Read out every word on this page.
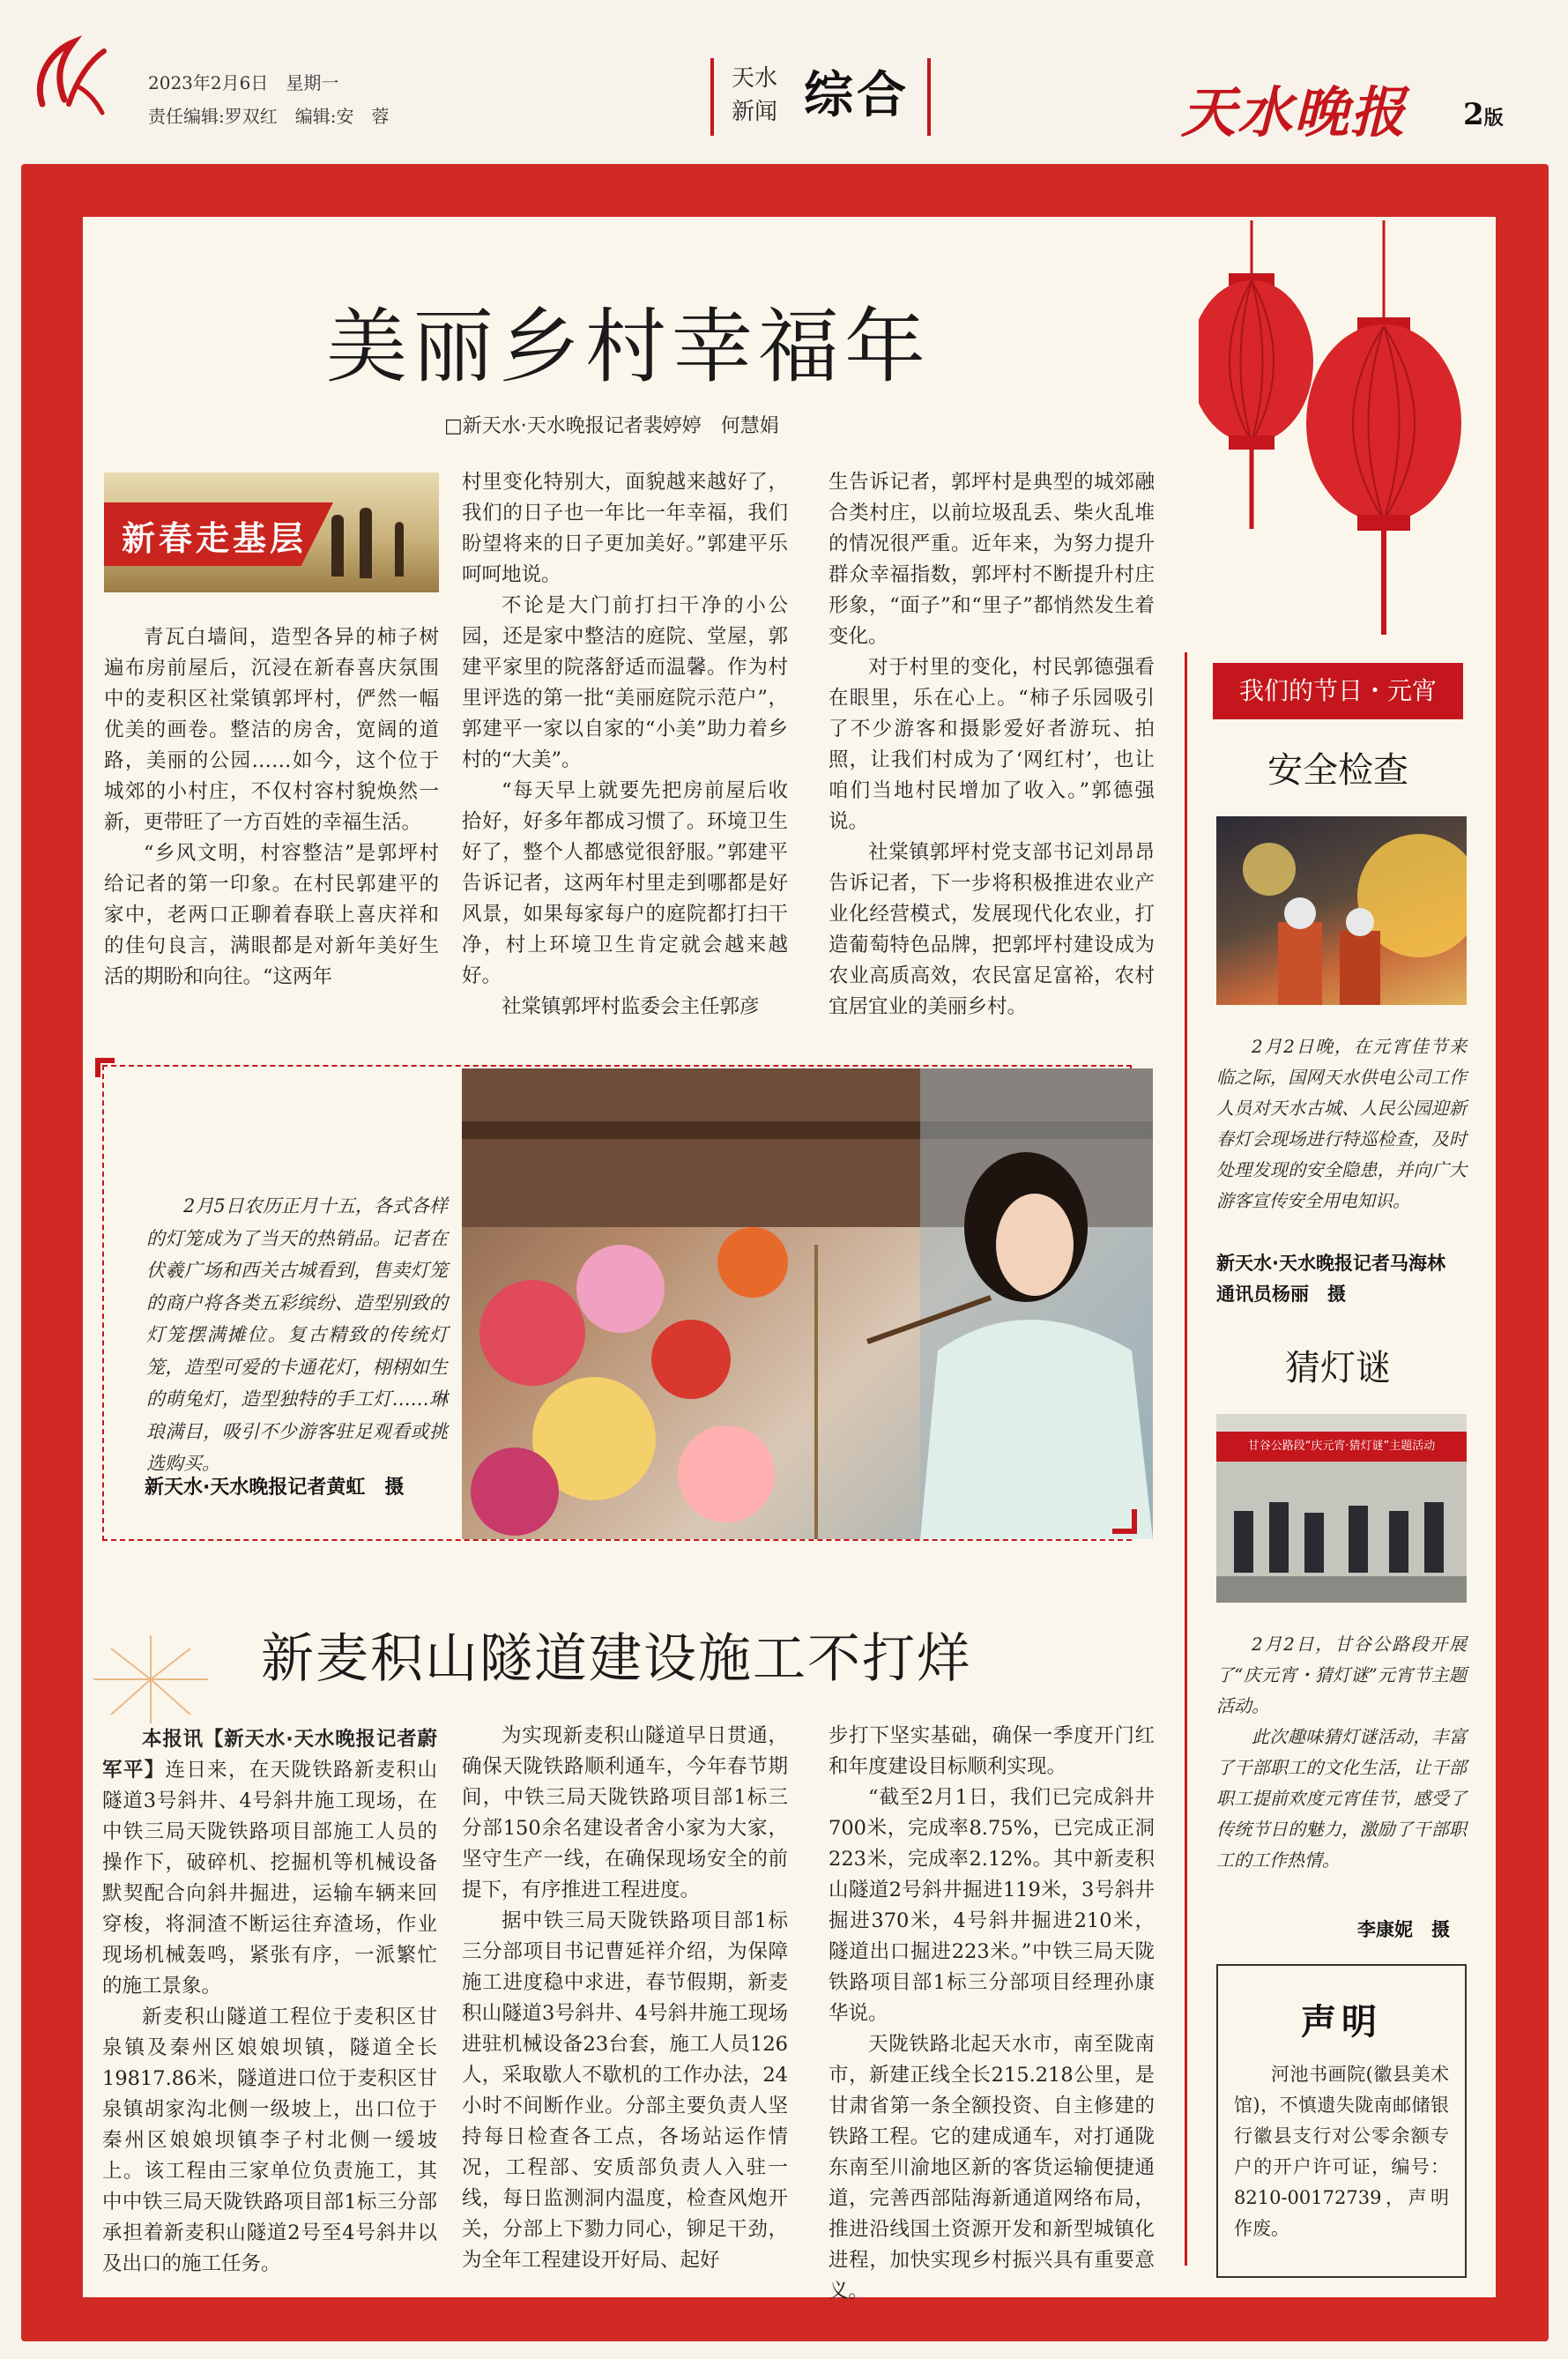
2023年2月6日　星期一
责任编辑:罗双红　编辑:安　蓉
天水新闻 综合	天水晚报 2版
美丽乡村幸福年
□新天水·天水晚报记者裴婷婷　何慧娟
新春走基层

青瓦白墙间，造型各异的柿子树遍布房前屋后，沉浸在新春喜庆氛围中的麦积区社棠镇郭坪村，俨然一幅优美的画卷。整洁的房舍，宽阔的道路，美丽的公园……如今，这个位于城郊的小村庄，不仅村容村貌焕然一新，更带旺了一方百姓的幸福生活。

“乡风文明，村容整洁”是郭坪村给记者的第一印象。在村民郭建平的家中，老两口正聊着春联上喜庆祥和的佳句良言，满眼都是对新年美好生活的期盼和向往。“这两年

村里变化特别大，面貌越来越好了，我们的日子也一年比一年幸福，我们盼望将来的日子更加美好。”郭建平乐呵呵地说。

不论是大门前打扫干净的小公园，还是家中整洁的庭院、堂屋，郭建平家里的院落舒适而温馨。作为村里评选的第一批“美丽庭院示范户”，郭建平一家以自家的“小美”助力着乡村的“大美”。

“每天早上就要先把房前屋后收拾好，好多年都成习惯了。环境卫生好了，整个人都感觉很舒服。”郭建平告诉记者，这两年村里走到哪都是好风景，如果每家每户的庭院都打扫干净，村上环境卫生肯定就会越来越好。

社棠镇郭坪村监委会主任郭彦

生告诉记者，郭坪村是典型的城郊融合类村庄，以前垃圾乱丢、柴火乱堆的情况很严重。近年来，为努力提升群众幸福指数，郭坪村不断提升村庄形象，“面子”和“里子”都悄然发生着变化。

对于村里的变化，村民郭德强看在眼里，乐在心上。“柿子乐园吸引了不少游客和摄影爱好者游玩、拍照，让我们村成为了‘网红村’，也让咱们当地村民增加了收入。”郭德强说。

社棠镇郭坪村党支部书记刘昂昂告诉记者，下一步将积极推进农业产业化经营模式，发展现代化农业，打造葡萄特色品牌，把郭坪村建设成为农业高质高效，农民富足富裕，农村宜居宜业的美丽乡村。

2月5日农历正月十五，各式各样的灯笼成为了当天的热销品。记者在伏羲广场和西关古城看到，售卖灯笼的商户将各类五彩缤纷、造型别致的灯笼摆满摊位。复古精致的传统灯笼，造型可爱的卡通花灯，栩栩如生的萌兔灯，造型独特的手工灯……琳琅满目，吸引不少游客驻足观看或挑选购买。

新天水·天水晚报记者黄虹　摄
新麦积山隧道建设施工不打烊

本报讯【新天水·天水晚报记者蔚军平】连日来，在天陇铁路新麦积山隧道3号斜井、4号斜井施工现场，在中铁三局天陇铁路项目部施工人员的操作下，破碎机、挖掘机等机械设备默契配合向斜井掘进，运输车辆来回穿梭，将洞渣不断运往弃渣场，作业现场机械轰鸣，紧张有序，一派繁忙的施工景象。

新麦积山隧道工程位于麦积区甘泉镇及秦州区娘娘坝镇，隧道全长19817.86米，隧道进口位于麦积区甘泉镇胡家沟北侧一级坡上，出口位于秦州区娘娘坝镇李子村北侧一缓坡上。该工程由三家单位负责施工，其中中铁三局天陇铁路项目部1标三分部承担着新麦积山隧道2号至4号斜井以及出口的施工任务。

为实现新麦积山隧道早日贯通，确保天陇铁路顺利通车，今年春节期间，中铁三局天陇铁路项目部1标三分部150余名建设者舍小家为大家，坚守生产一线，在确保现场安全的前提下，有序推进工程进度。

据中铁三局天陇铁路项目部1标三分部项目书记曹延祥介绍，为保障施工进度稳中求进，春节假期，新麦积山隧道3号斜井、4号斜井施工现场进驻机械设备23台套，施工人员126人，采取歇人不歇机的工作办法，24小时不间断作业。分部主要负责人坚持每日检查各工点，各场站运作情况，工程部、安质部负责人入驻一线，每日监测洞内温度，检查风炮开关，分部上下勠力同心，铆足干劲，为全年工程建设开好局、起好

步打下坚实基础，确保一季度开门红和年度建设目标顺利实现。

“截至2月1日，我们已完成斜井700米，完成率8.75%，已完成正洞223米，完成率2.12%。其中新麦积山隧道2号斜井掘进119米，3号斜井掘进370米，4号斜井掘进210米，隧道出口掘进223米。”中铁三局天陇铁路项目部1标三分部项目经理孙康华说。

天陇铁路北起天水市，南至陇南市，新建正线全长215.218公里，是甘肃省第一条全额投资、自主修建的铁路工程。它的建成通车，对打通陇东南至川渝地区新的客货运输便捷通道，完善西部陆海新通道网络布局，推进沿线国土资源开发和新型城镇化进程，加快实现乡村振兴具有重要意义。

我们的节日・元宵
安全检查

2月2日晚，在元宵佳节来临之际，国网天水供电公司工作人员对天水古城、人民公园迎新春灯会现场进行特巡检查，及时处理发现的安全隐患，并向广大游客宣传安全用电知识。

新天水·天水晚报记者马海林　通讯员杨丽　摄
猜灯谜
甘谷公路段“庆元宵·猜灯谜”主题活动

2月2日，甘谷公路段开展了“庆元宵・猜灯谜”元宵节主题活动。

此次趣味猜灯谜活动，丰富了干部职工的文化生活，让干部职工提前欢度元宵佳节，感受了传统节日的魅力，激励了干部职工的工作热情。

李康妮　摄
声明

河池书画院(徽县美术馆)，不慎遗失陇南邮储银行徽县支行对公零余额专户的开户许可证，编号：8210-00172739，声明作废。
